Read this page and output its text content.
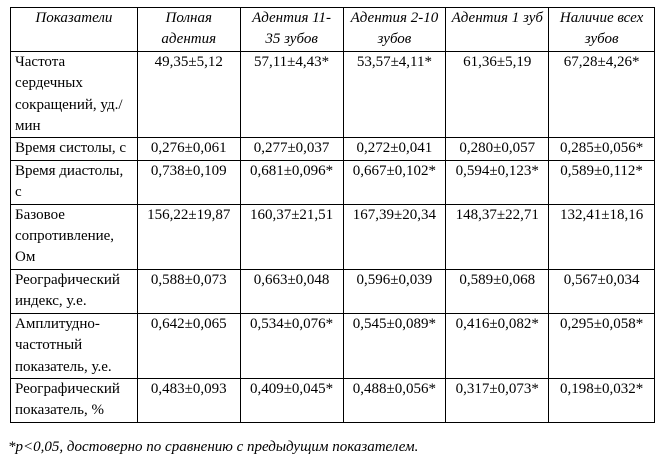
Показатели	Полная адентия	Адентия 11-35 зубов	Адентия 2-10 зубов	Адентия 1 зуб	Наличие всех зубов
Частота сердечных сокращений, уд./мин	49,35±5,12	57,11±4,43*	53,57±4,11*	61,36±5,19	67,28±4,26*
Время систолы, с	0,276±0,061	0,277±0,037	0,272±0,041	0,280±0,057	0,285±0,056*
Время диастолы, с	0,738±0,109	0,681±0,096*	0,667±0,102*	0,594±0,123*	0,589±0,112*
Базовое сопротивление, Ом	156,22±19,87	160,37±21,51	167,39±20,34	148,37±22,71	132,41±18,16
Реографический индекс, у.е.	0,588±0,073	0,663±0,048	0,596±0,039	0,589±0,068	0,567±0,034
Амплитудно-частотный показатель, у.е.	0,642±0,065	0,534±0,076*	0,545±0,089*	0,416±0,082*	0,295±0,058*
Реографический показатель, %	0,483±0,093	0,409±0,045*	0,488±0,056*	0,317±0,073*	0,198±0,032*
*p<0,05, достоверно по сравнению с предыдущим показателем.
